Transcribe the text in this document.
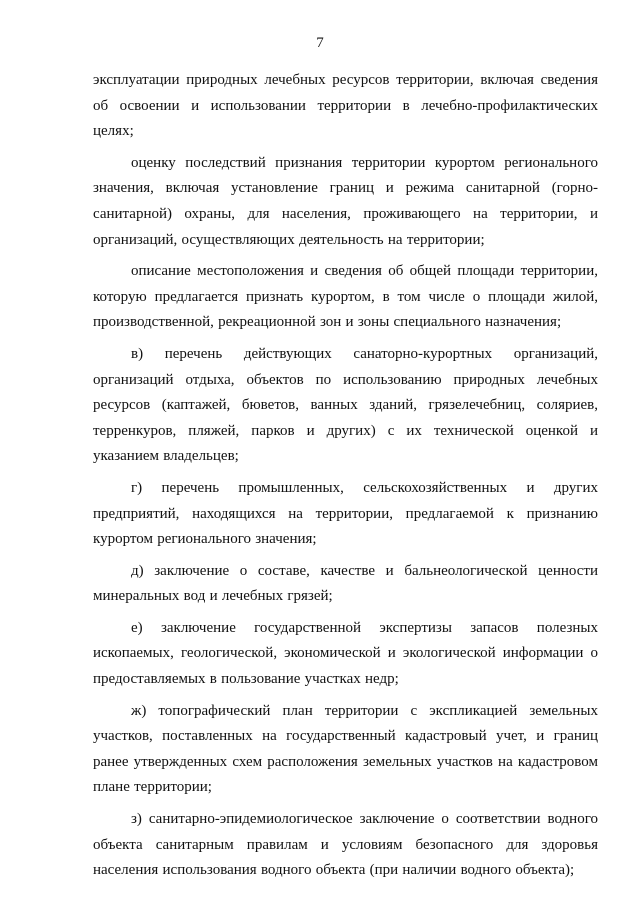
7

эксплуатации природных лечебных ресурсов территории, включая сведения об освоении и использовании территории в лечебно-профилактических целях;

оценку последствий признания территории курортом регионального значения, включая установление границ и режима санитарной (горно-санитарной) охраны, для населения, проживающего на территории, и организаций, осуществляющих деятельность на территории;

описание местоположения и сведения об общей площади территории, которую предлагается признать курортом, в том числе о площади жилой, производственной, рекреационной зон и зоны специального назначения;

в) перечень действующих санаторно-курортных организаций, организаций отдыха, объектов по использованию природных лечебных ресурсов (каптажей, бюветов, ванных зданий, грязелечебниц, соляриев, терренкуров, пляжей, парков и других) с их технической оценкой и указанием владельцев;

г) перечень промышленных, сельскохозяйственных и других предприятий, находящихся на территории, предлагаемой к признанию курортом регионального значения;

д) заключение о составе, качестве и бальнеологической ценности минеральных вод и лечебных грязей;

е) заключение государственной экспертизы запасов полезных ископаемых, геологической, экономической и экологической информации о предоставляемых в пользование участках недр;

ж) топографический план территории с экспликацией земельных участков, поставленных на государственный кадастровый учет, и границ ранее утвержденных схем расположения земельных участков на кадастровом плане территории;

з) санитарно-эпидемиологическое заключение о соответствии водного объекта санитарным правилам и условиям безопасного для здоровья населения использования водного объекта (при наличии водного объекта);
